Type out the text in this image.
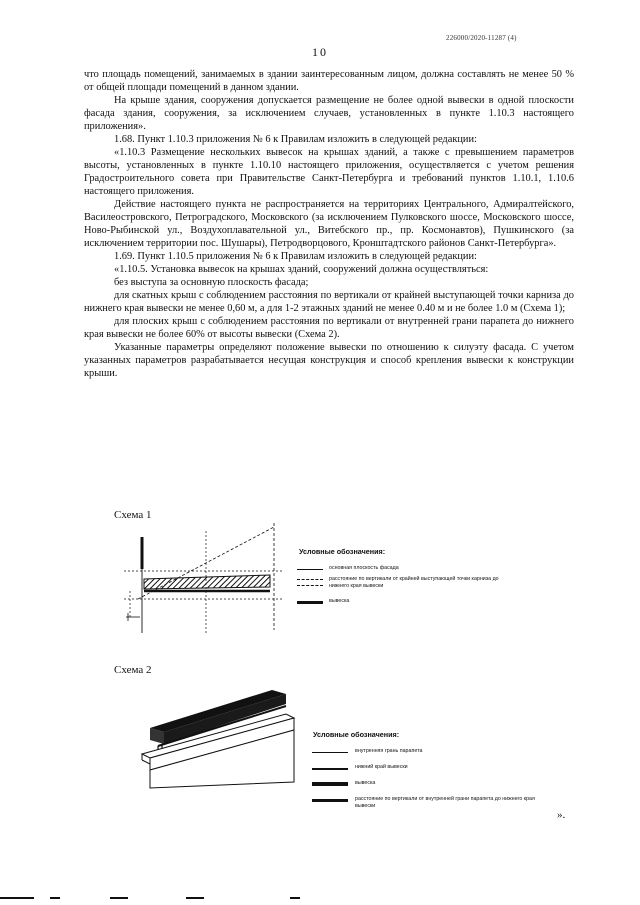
226000/2020-11287 (4)
10

что площадь помещений, занимаемых в здании заинтересованным лицом, должна составлять не менее 50 % от общей площади помещений в данном здании.

На крыше здания, сооружения допускается размещение не более одной вывески в одной плоскости фасада здания, сооружения, за исключением случаев, установленных в пункте 1.10.3 настоящего приложения».

1.68. Пункт 1.10.3 приложения № 6 к Правилам изложить в следующей редакции:

«1.10.3 Размещение нескольких вывесок на крышах зданий, а также с превышением параметров высоты, установленных в пункте 1.10.10 настоящего приложения, осуществляется с учетом решения Градостроительного совета при Правительстве Санкт-Петербурга и требований пунктов 1.10.1, 1.10.6 настоящего приложения.

Действие настоящего пункта не распространяется на территориях Центрального, Адмиралтейского, Василеостровского, Петроградского, Московского (за исключением Пулковского шоссе, Московского шоссе, Ново-Рыбинской ул., Воздухоплавательной ул., Витебского пр., пр. Космонавтов), Пушкинского (за исключением территории пос. Шушары), Петродворцового, Кронштадтского районов Санкт-Петербурга».

1.69. Пункт 1.10.5 приложения № 6 к Правилам изложить в следующей редакции:

«1.10.5. Установка вывесок на крышах зданий, сооружений должна осуществляться:

без выступа за основную плоскость фасада;

для скатных крыш с соблюдением расстояния по вертикали от крайней выступающей точки карниза до нижнего края вывески не менее 0,60 м, а для 1-2 этажных зданий не менее 0.40 м и не более 1.0 м (Схема 1);

для плоских крыш с соблюдением расстояния по вертикали от внутренней грани парапета до нижнего края вывески не более 60% от высоты вывески (Схема 2).

Указанные параметры определяют положение вывески по отношению к силуэту фасада. С учетом указанных параметров разрабатывается несущая конструкция и способ крепления вывески к конструкции крыши.

Схема 1
Условные обозначения:
основная плоскость фасада
расстояние по вертикали от крайней выступающей точки карниза до нижнего края вывески
вывеска
Схема 2
Условные обозначения:
внутренняя грань парапета
нижний край вывески
вывеска
расстояние по вертикали от внутренней грани парапета до нижнего края вывески
».
